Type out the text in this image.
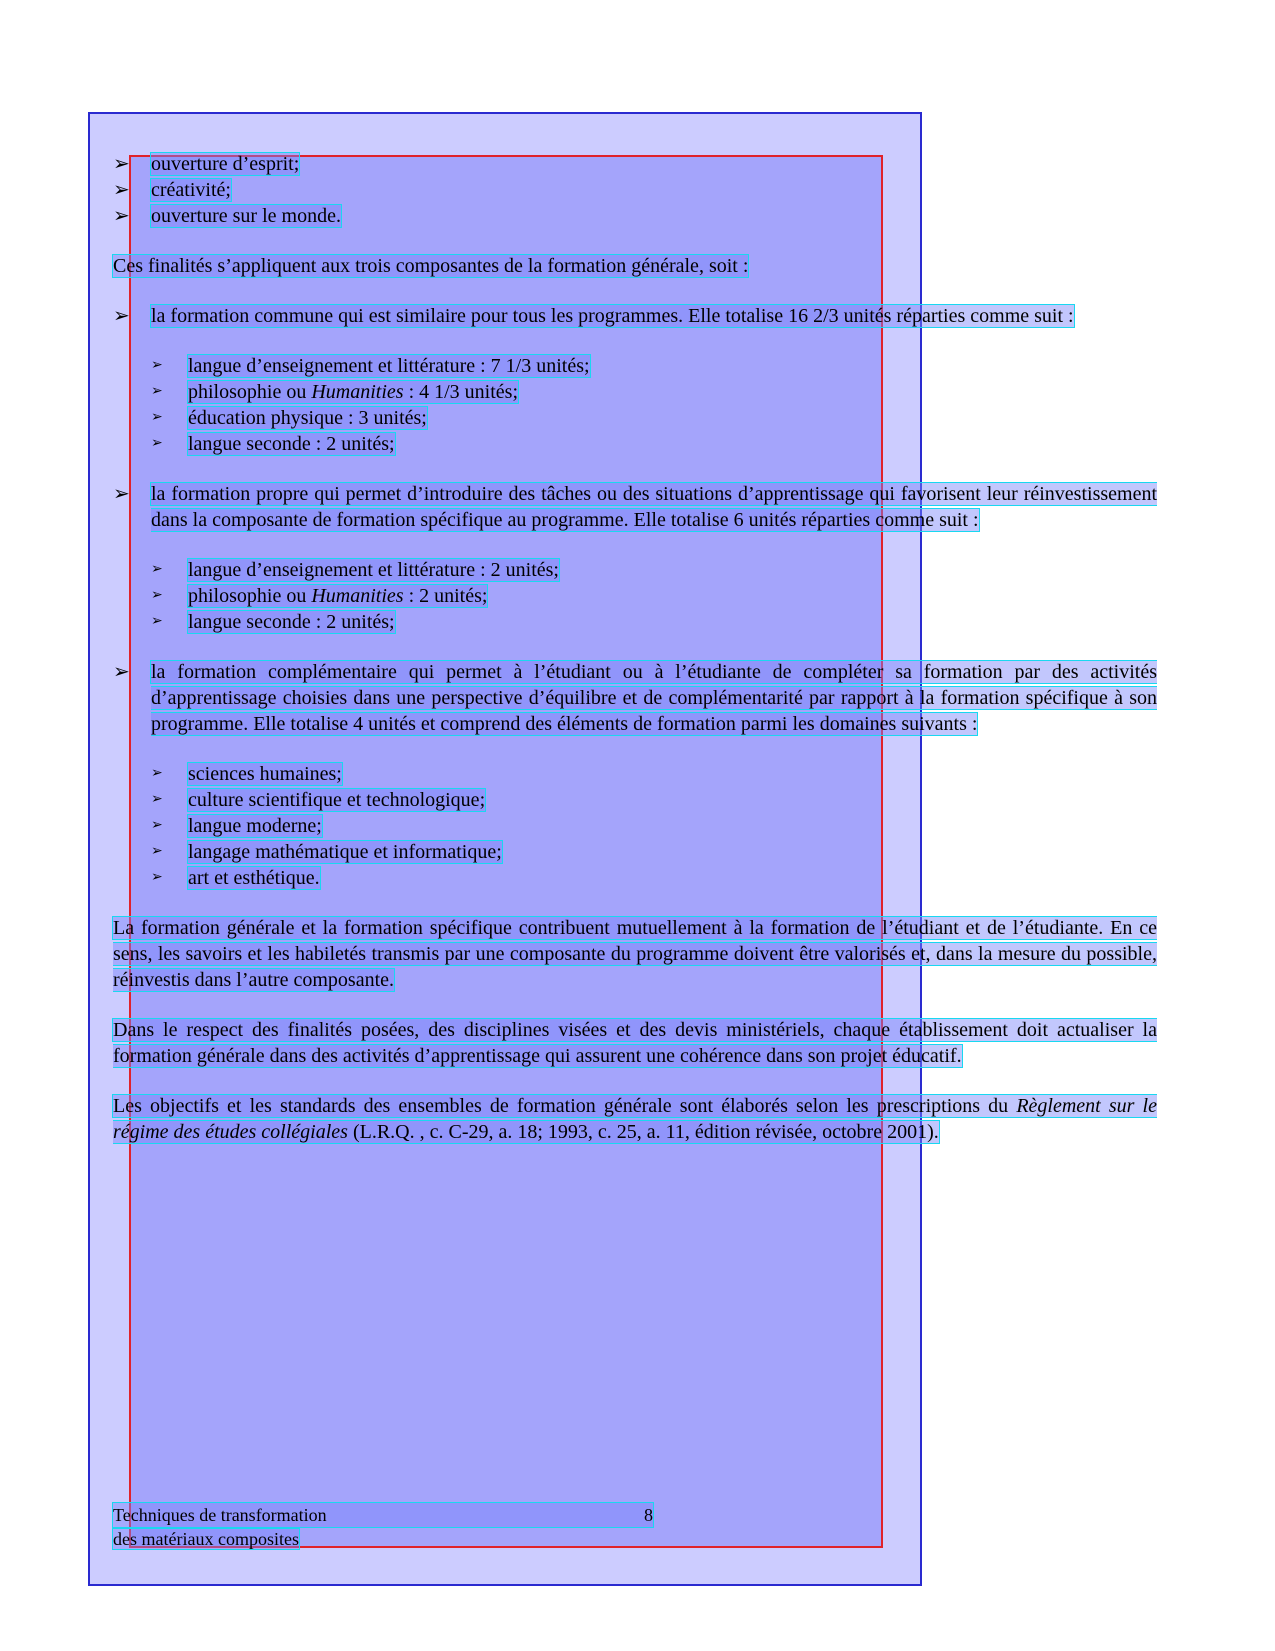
➢	ouverture d’esprit;
➢	créativité;
➢	ouverture sur le monde.
Ces finalités s’appliquent aux trois composantes de la formation générale, soit :
➢	la formation commune qui est similaire pour tous les programmes. Elle totalise 16 2/3 unités réparties comme suit :
➢	langue d’enseignement et littérature : 7 1/3 unités;
➢	philosophie ou Humanities : 4 1/3 unités;
➢	éducation physique : 3 unités;
➢	langue seconde : 2 unités;
➢	la formation propre qui permet d’introduire des tâches ou des situations d’apprentissage qui favorisent leur réinvestissement dans la composante de formation spécifique au programme. Elle totalise 6 unités réparties comme suit :
➢	langue d’enseignement et littérature : 2 unités;
➢	philosophie ou Humanities : 2 unités;
➢	langue seconde : 2 unités;
➢	la formation complémentaire qui permet à l’étudiant ou à l’étudiante de compléter sa formation par des activités d’apprentissage choisies dans une perspective d’équilibre et de complémentarité par rapport à la formation spécifique à son programme. Elle totalise 4 unités et comprend des éléments de formation parmi les domaines suivants :
➢	sciences humaines;
➢	culture scientifique et technologique;
➢	langue moderne;
➢	langage mathématique et informatique;
➢	art et esthétique.
La formation générale et la formation spécifique contribuent mutuellement à la formation de l’étudiant et de l’étudiante. En ce sens, les savoirs et les habiletés transmis par une composante du programme doivent être valorisés et, dans la mesure du possible, réinvestis dans l’autre composante.
Dans le respect des finalités posées, des disciplines visées et des devis ministériels, chaque établissement doit actualiser la formation générale dans des activités d’apprentissage qui assurent une cohérence dans son projet éducatif.
Les objectifs et les standards des ensembles de formation générale sont élaborés selon les prescriptions du Règlement sur le régime des études collégiales (L.R.Q. , c. C-29, a. 18; 1993, c. 25, a. 11, édition révisée, octobre 2001).
Techniques de transformation	8
des matériaux composites
